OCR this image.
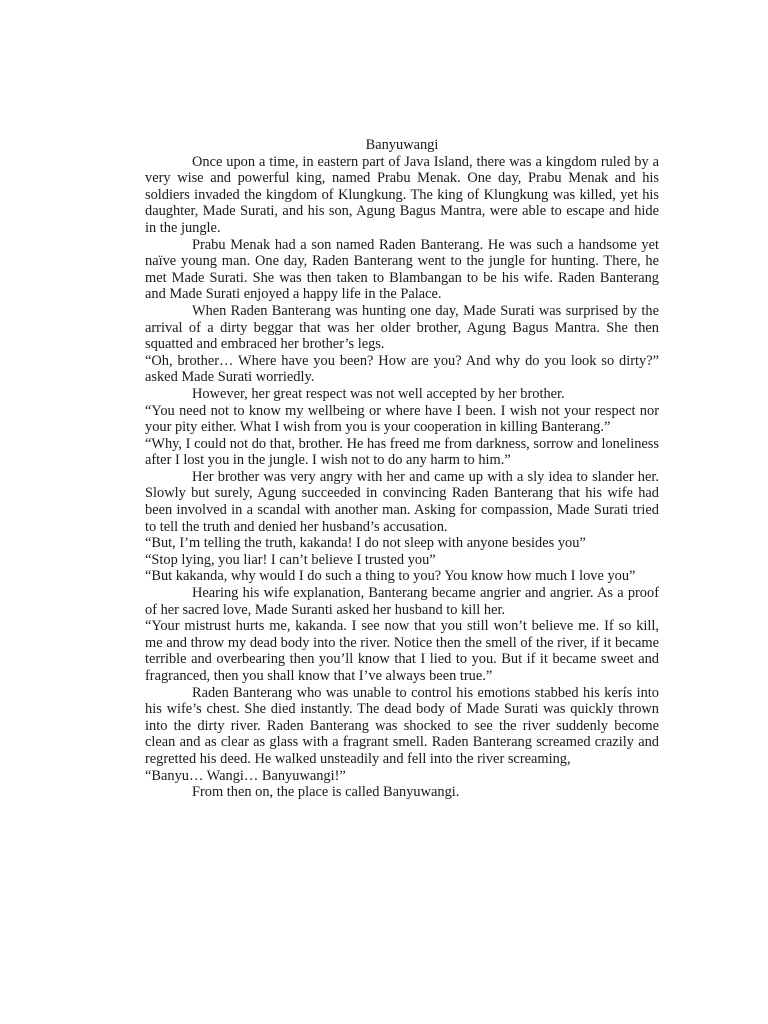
Banyuwangi

Once upon a time, in eastern part of Java Island, there was a kingdom ruled by a very wise and powerful king, named Prabu Menak. One day, Prabu Menak and his soldiers invaded the kingdom of Klungkung. The king of Klungkung was killed, yet his daughter, Made Surati, and his son, Agung Bagus Mantra, were able to escape and hide in the jungle.

Prabu Menak had a son named Raden Banterang. He was such a handsome yet naïve young man. One day, Raden Banterang went to the jungle for hunting. There, he met Made Surati. She was then taken to Blambangan to be his wife. Raden Banterang and Made Surati enjoyed a happy life in the Palace.

When Raden Banterang was hunting one day, Made Surati was surprised by the arrival of a dirty beggar that was her older brother, Agung Bagus Mantra. She then squatted and embraced her brother’s legs.

“Oh, brother… Where have you been? How are you? And why do you look so dirty?” asked Made Surati worriedly.

However, her great respect was not well accepted by her brother.

“You need not to know my wellbeing or where have I been. I wish not your respect nor your pity either. What I wish from you is your cooperation in killing Banterang.”

“Why, I could not do that, brother. He has freed me from darkness, sorrow and loneliness after I lost you in the jungle. I wish not to do any harm to him.”

Her brother was very angry with her and came up with a sly idea to slander her. Slowly but surely, Agung succeeded in convincing Raden Banterang that his wife had been involved in a scandal with another man. Asking for compassion, Made Surati tried to tell the truth and denied her husband’s accusation.

“But, I’m telling the truth, kakanda! I do not sleep with anyone besides you”

“Stop lying, you liar! I can’t believe I trusted you”

“But kakanda, why would I do such a thing to you? You know how much I love you”

Hearing his wife explanation, Banterang became angrier and angrier. As a proof of her sacred love, Made Suranti asked her husband to kill her.

“Your mistrust hurts me, kakanda. I see now that you still won’t believe me. If so kill, me and throw my dead body into the river. Notice then the smell of the river, if it became terrible and overbearing then you’ll know that I lied to you. But if it became sweet and fragranced, then you shall know that I’ve always been true.”

Raden Banterang who was unable to control his emotions stabbed his kerís into his wife’s chest. She died instantly. The dead body of Made Surati was quickly thrown into the dirty river. Raden Banterang was shocked to see the river suddenly become clean and as clear as glass with a fragrant smell. Raden Banterang screamed crazily and regretted his deed. He walked unsteadily and fell into the river screaming,

“Banyu… Wangi… Banyuwangi!”

From then on, the place is called Banyuwangi.
